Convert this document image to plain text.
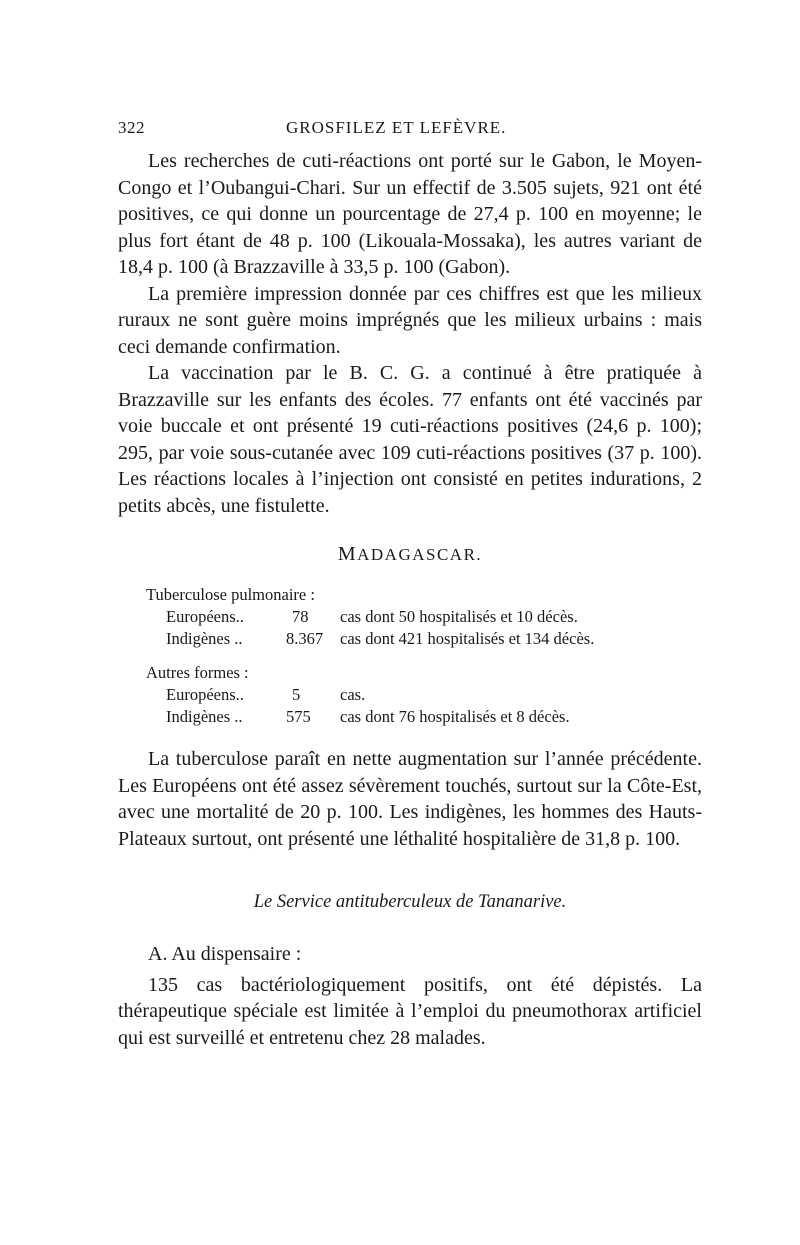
322	GROSFILEZ ET LEFÈVRE.

Les recherches de cuti-réactions ont porté sur le Gabon, le Moyen-Congo et l’Oubangui-Chari. Sur un effectif de 3.505 sujets, 921 ont été positives, ce qui donne un pourcentage de 27,4 p. 100 en moyenne; le plus fort étant de 48 p. 100 (Likouala-Mossaka), les autres variant de 18,4 p. 100 (à Brazzaville à 33,5 p. 100 (Gabon).

La première impression donnée par ces chiffres est que les milieux ruraux ne sont guère moins imprégnés que les milieux urbains : mais ceci demande confirmation.

La vaccination par le B. C. G. a continué à être pratiquée à Brazzaville sur les enfants des écoles. 77 enfants ont été vaccinés par voie buccale et ont présenté 19 cuti-réactions positives (24,6 p. 100); 295, par voie sous-cutanée avec 109 cuti-réactions positives (37 p. 100). Les réactions locales à l’injection ont consisté en petites indurations, 2 petits abcès, une fistulette.

MADAGASCAR.
Tuberculose pulmonaire :
Européens..	78 cas dont 50 hospitalisés et 10 décès.
Indigènes ..	8.367 cas dont 421 hospitalisés et 134 décès.
Autres formes :
Européens..	5 cas.
Indigènes ..	575 cas dont 76 hospitalisés et 8 décès.

La tuberculose paraît en nette augmentation sur l’année précédente. Les Européens ont été assez sévèrement touchés, surtout sur la Côte-Est, avec une mortalité de 20 p. 100. Les indigènes, les hommes des Hauts-Plateaux surtout, ont présenté une léthalité hospitalière de 31,8 p. 100.

Le Service antituberculeux de Tananarive.

A. Au dispensaire :

135 cas bactériologiquement positifs, ont été dépistés. La thérapeutique spéciale est limitée à l’emploi du pneumothorax artificiel qui est surveillé et entretenu chez 28 malades.
